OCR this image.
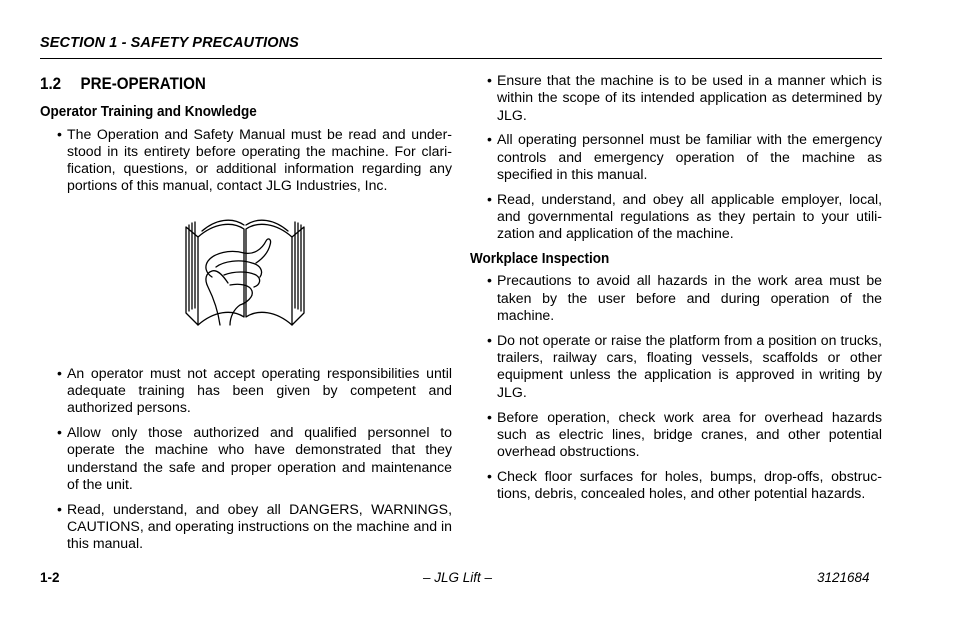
SECTION 1 - SAFETY PRECAUTIONS
1.2 PRE-OPERATION
Operator Training and Knowledge
• The Operation and Safety Manual must be read and understood in its entirety before operating the machine. For clarification, questions, or additional information regarding any portions of this manual, contact JLG Industries, Inc.
• An operator must not accept operating responsibilities until adequate training has been given by competent and authorized persons.
• Allow only those authorized and qualified personnel to operate the machine who have demonstrated that they understand the safe and proper operation and maintenance of the unit.
• Read, understand, and obey all DANGERS, WARNINGS, CAUTIONS, and operating instructions on the machine and in this manual.
• Ensure that the machine is to be used in a manner which is within the scope of its intended application as determined by JLG.
• All operating personnel must be familiar with the emergency controls and emergency operation of the machine as specified in this manual.
• Read, understand, and obey all applicable employer, local, and governmental regulations as they pertain to your utilization and application of the machine.
Workplace Inspection
• Precautions to avoid all hazards in the work area must be taken by the user before and during operation of the machine.
• Do not operate or raise the platform from a position on trucks, trailers, railway cars, floating vessels, scaffolds or other equipment unless the application is approved in writing by JLG.
• Before operation, check work area for overhead hazards such as electric lines, bridge cranes, and other potential overhead obstructions.
• Check floor surfaces for holes, bumps, drop-offs, obstructions, debris, concealed holes, and other potential hazards.
1-2	– JLG Lift –	3121684
